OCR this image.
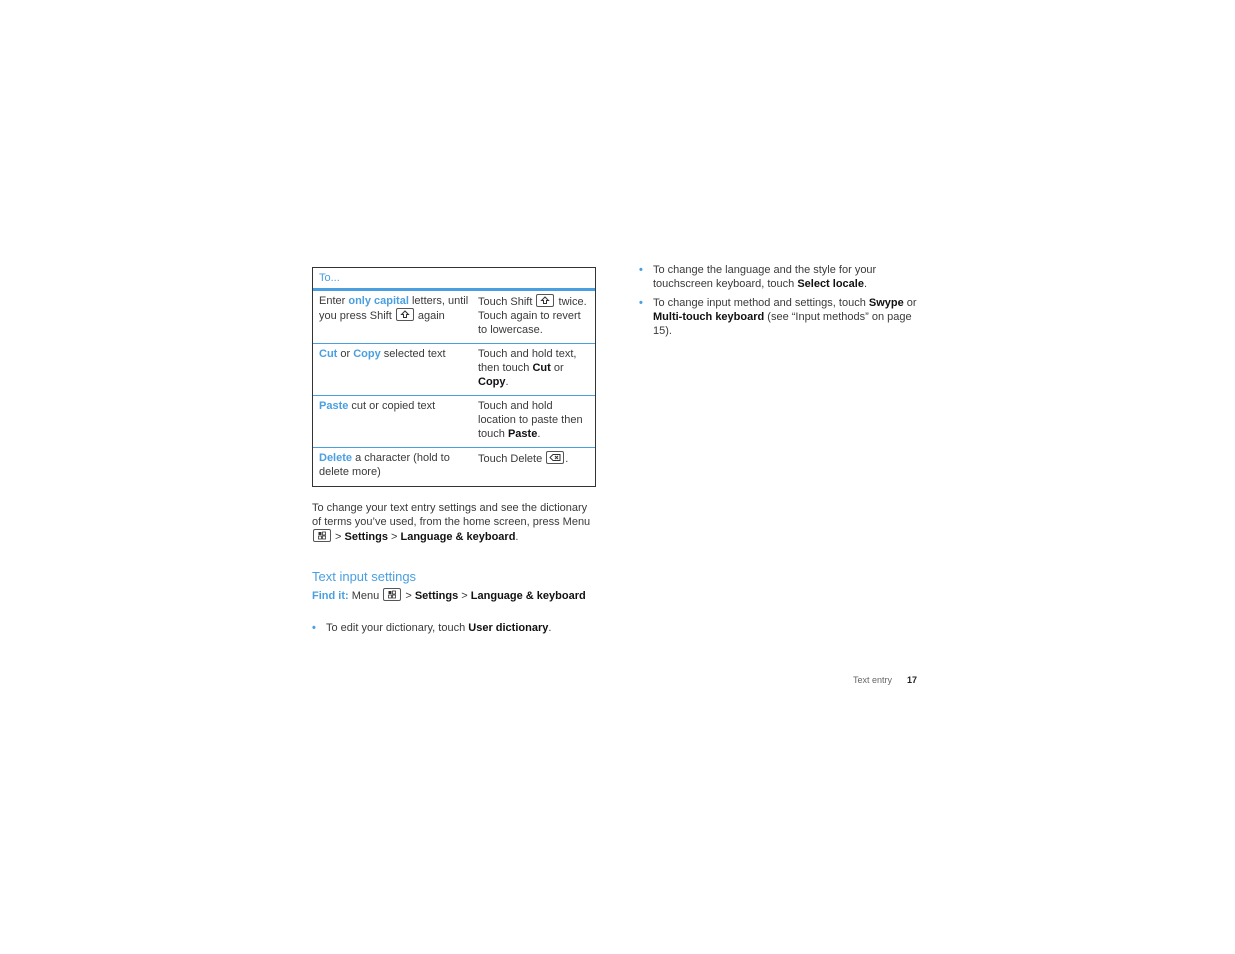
To...
Enter only capital letters, until you press Shift
again
Touch Shift
twice. Touch again to revert to lowercase.
Cut or Copy selected text	Touch and hold text, then touch Cut or Copy.
Paste cut or copied text	Touch and hold location to paste then touch Paste.
Delete a character (hold to delete more)
Touch Delete
.
To change your text entry settings and see the dictionary of terms you’ve used, from the home screen, press Menu
> Settings > Language & keyboard.
Text input settings
Find it: Menu
> Settings > Language & keyboard
• To edit your dictionary, touch User dictionary.
• To change the language and the style for your touchscreen keyboard, touch Select locale.
• To change input method and settings, touch Swype or Multi-touch keyboard (see “Input methods” on page 15).
Text entry 17
